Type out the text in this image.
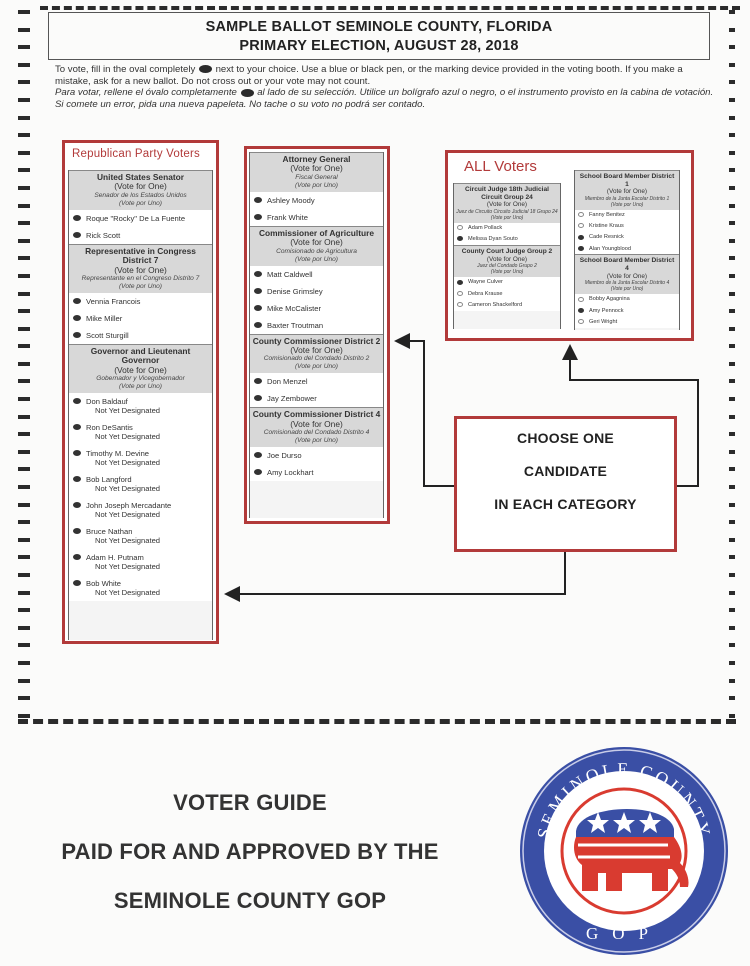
SAMPLE BALLOT SEMINOLE COUNTY, FLORIDA
PRIMARY ELECTION, AUGUST 28, 2018
To vote, fill in the oval completely next to your choice. Use a blue or black pen, or the marking device provided in the voting booth. If you make a mistake, ask for a new ballot. Do not cross out or your vote may not count.
Para votar, rellene el óvalo completamente al lado de su selección. Utilice un bolígrafo azul o negro, o el instrumento provisto en la cabina de votación. Si comete un error, pida una nueva papeleta. No tache o su voto no podrá ser contado.
Republican Party Voters
United States Senator
(Vote for One)
Senador de los Estados Unidos
(Vote por Uno)
Roque "Rocky" De La Fuente
Rick Scott
Representative in Congress District 7
(Vote for One)
Representante en el Congreso Distrito 7
(Vote por Uno)
Vennia Francois
Mike Miller
Scott Sturgill
Governor and Lieutenant Governor
(Vote for One)
Gobernador y Vicegobernador
(Vote por Uno)
Don Baldauf
Not Yet Designated
Ron DeSantis
Not Yet Designated
Timothy M. Devine
Not Yet Designated
Bob Langford
Not Yet Designated
John Joseph Mercadante
Not Yet Designated
Bruce Nathan
Not Yet Designated
Adam H. Putnam
Not Yet Designated
Bob White
Not Yet Designated
Attorney General
(Vote for One)
Fiscal General
(Vote por Uno)
Ashley Moody
Frank White
Commissioner of Agriculture
(Vote for One)
Comisionado de Agricultura
(Vote por Uno)
Matt Caldwell
Denise Grimsley
Mike McCalister
Baxter Troutman
County Commissioner District 2
(Vote for One)
Comisionado del Condado Distrito 2
(Vote por Uno)
Don Menzel
Jay Zembower
County Commissioner District 4
(Vote for One)
Comisionado del Condado Distrito 4
(Vote por Uno)
Joe Durso
Amy Lockhart
ALL Voters
Circuit Judge 18th Judicial Circuit Group 24
(Vote for One)
Juez de Circuito Circuito Judicial 18 Grupo 24
(Vote por Uno)
Adam Pollack
Melissa Dyan Souto
County Court Judge Group 2
(Vote for One)
Juez del Condado Grupo 2
(Vote por Uno)
Wayne Culver
Debra Krause
Cameron Shackelford
School Board Member District 1
(Vote for One)
Miembro de la Junta Escolar Distrito 1
(Vote por Uno)
Fanny Benitez
Kristine Kraus
Cade Resnick
Alan Youngblood
School Board Member District 4
(Vote for One)
Miembro de la Junta Escolar Distrito 4
(Vote por Uno)
Bobby Agagnina
Amy Pennock
Geri Wright
CHOOSE ONE
CANDIDATE
IN EACH CATEGORY
VOTER GUIDE
PAID FOR AND APPROVED BY THE
SEMINOLE COUNTY GOP
SEMINOLE COUNTY
GOP
